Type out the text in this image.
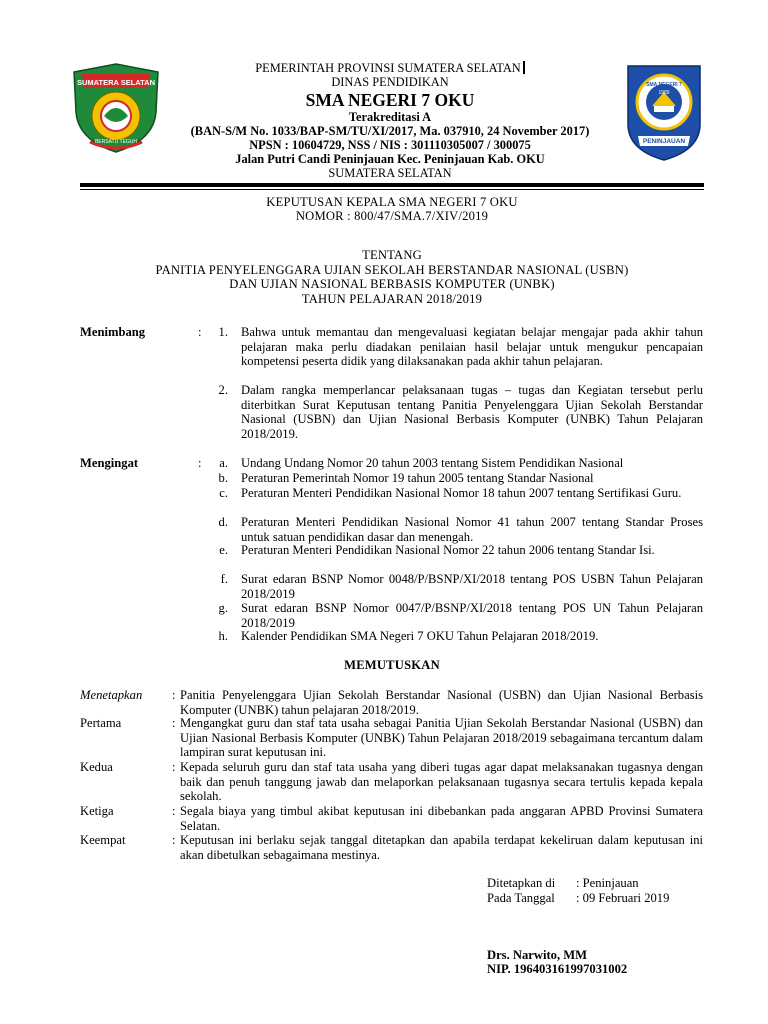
SUMATERA SELATAN
BERSATU TEGUH
SMA NEGERI 7
1989
PENINJAUAN
PEMERINTAH PROVINSI SUMATERA SELATAN
DINAS PENDIDIKAN
SMA NEGERI 7 OKU
Terakreditasi A
(BAN-S/M No. 1033/BAP-SM/TU/XI/2017, Ma. 037910, 24 November 2017)
NPSN : 10604729, NSS / NIS : 301110305007 / 300075
Jalan Putri Candi Peninjauan Kec. Peninjauan Kab. OKU
SUMATERA SELATAN
KEPUTUSAN KEPALA SMA NEGERI 7 OKU
NOMOR : 800/47/SMA.7/XIV/2019
TENTANG
PANITIA PENYELENGGARA UJIAN SEKOLAH BERSTANDAR NASIONAL (USBN)
DAN UJIAN NASIONAL BERBASIS KOMPUTER (UNBK)
TAHUN PELAJARAN 2018/2019
Menimbang	:	1. Bahwa untuk memantau dan mengevaluasi kegiatan belajar mengajar pada akhir tahun pelajaran maka perlu diadakan penilaian hasil belajar untuk mengukur pencapaian kompetensi peserta didik yang dilaksanakan pada akhir tahun pelajaran.
2. Dalam rangka memperlancar pelaksanaan tugas – tugas dan Kegiatan tersebut perlu diterbitkan Surat Keputusan tentang Panitia Penyelenggara Ujian Sekolah Berstandar Nasional (USBN) dan Ujian Nasional Berbasis Komputer (UNBK) Tahun Pelajaran 2018/2019.
Mengingat	:	a. Undang Undang Nomor 20 tahun 2003 tentang Sistem Pendidikan Nasional
b. Peraturan Pemerintah Nomor 19 tahun 2005 tentang Standar Nasional
c. Peraturan Menteri Pendidikan Nasional Nomor 18 tahun 2007 tentang Sertifikasi Guru.
d. Peraturan Menteri Pendidikan Nasional Nomor 41 tahun 2007 tentang Standar Proses untuk satuan pendidikan dasar dan menengah.
e. Peraturan Menteri Pendidikan Nasional Nomor 22 tahun 2006 tentang Standar Isi.
f. Surat edaran BSNP Nomor 0048/P/BSNP/XI/2018 tentang POS USBN Tahun Pelajaran 2018/2019
g. Surat edaran BSNP Nomor 0047/P/BSNP/XI/2018 tentang POS UN Tahun Pelajaran 2018/2019
h. Kalender Pendidikan SMA Negeri 7 OKU Tahun Pelajaran 2018/2019.
MEMUTUSKAN
Menetapkan : Panitia Penyelenggara Ujian Sekolah Berstandar Nasional (USBN) dan Ujian Nasional Berbasis Komputer (UNBK) tahun pelajaran 2018/2019.
Pertama	: Mengangkat guru dan staf tata usaha sebagai Panitia Ujian Sekolah Berstandar Nasional (USBN) dan Ujian Nasional Berbasis Komputer (UNBK) Tahun Pelajaran 2018/2019 sebagaimana tercantum dalam lampiran surat keputusan ini.
Kedua	: Kepada seluruh guru dan staf tata usaha yang diberi tugas agar dapat melaksanakan tugasnya dengan baik dan penuh tanggung jawab dan melaporkan pelaksanaan tugasnya secara tertulis kepada kepala sekolah.
Ketiga	: Segala biaya yang timbul akibat keputusan ini dibebankan pada anggaran APBD Provinsi Sumatera Selatan.
Keempat	: Keputusan ini berlaku sejak tanggal ditetapkan dan apabila terdapat kekeliruan dalam keputusan ini akan dibetulkan sebagaimana mestinya.
Ditetapkan di : Peninjauan
Pada Tanggal : 09 Februari 2019
Drs. Narwito, MM
NIP. 196403161997031002
